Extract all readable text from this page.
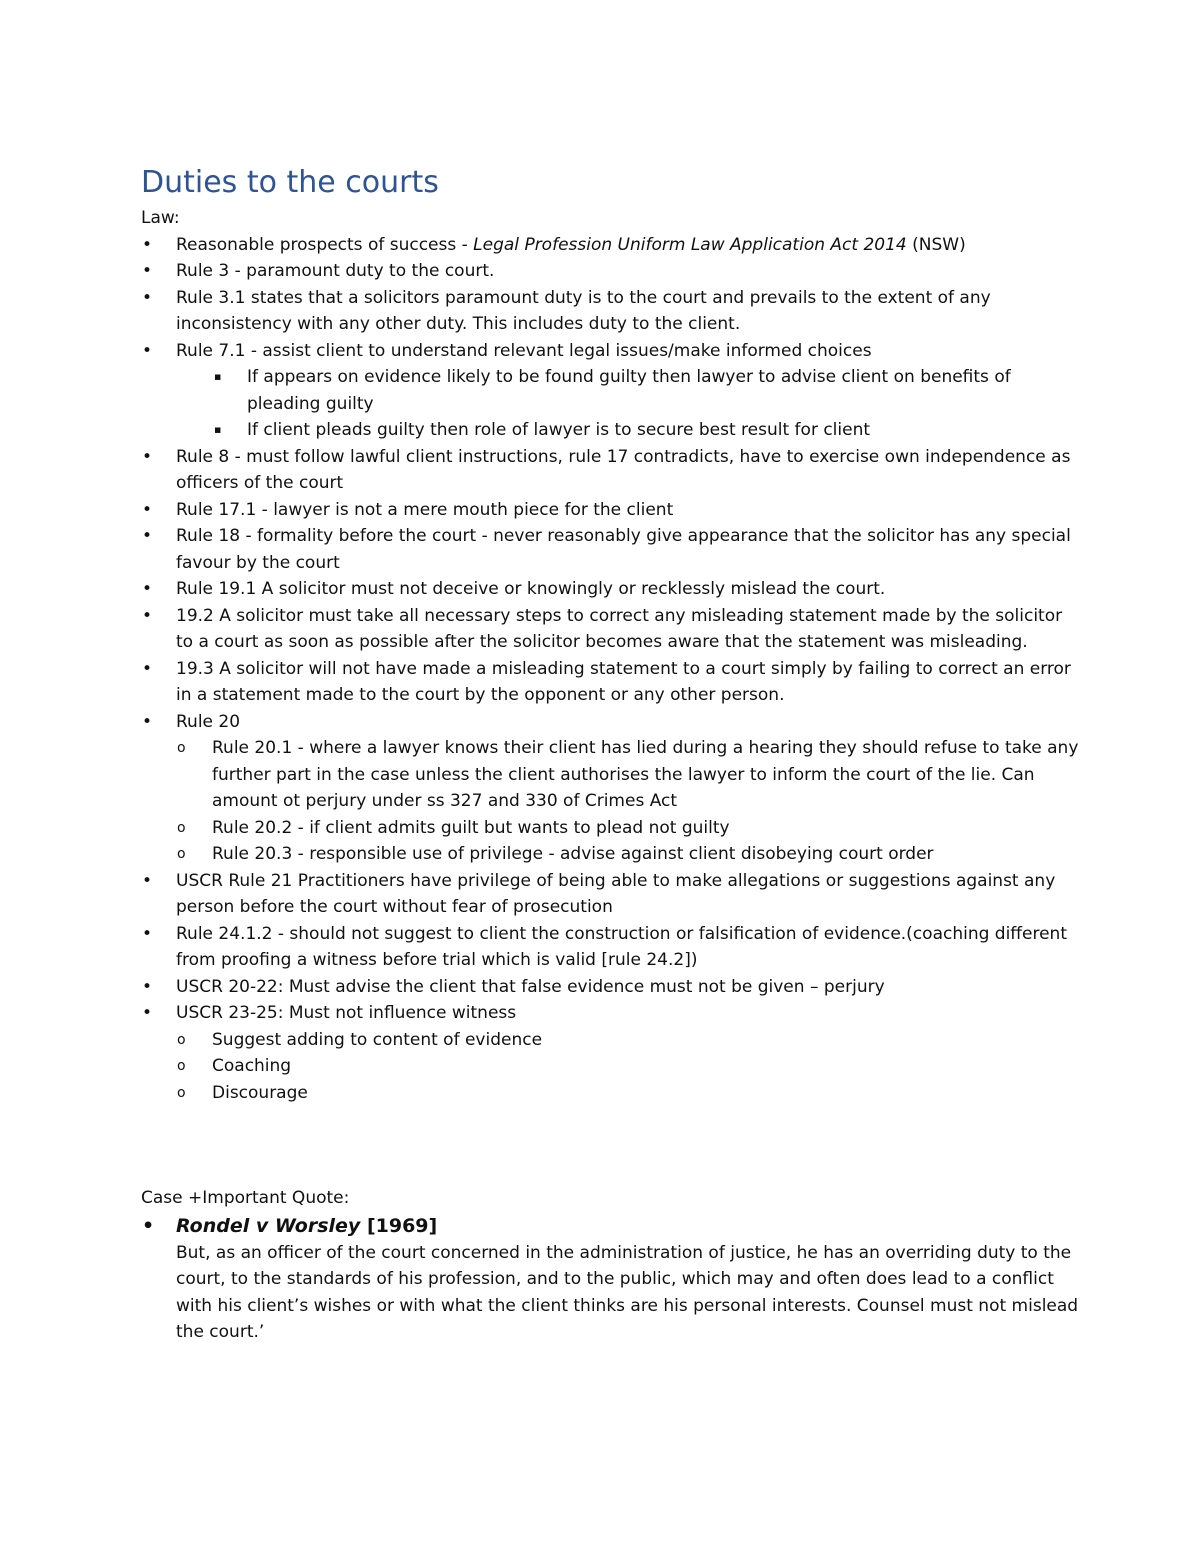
Duties to the courts
Law:
• Reasonable prospects of success - Legal Profession Uniform Law Application Act 2014 (NSW)
• Rule 3 - paramount duty to the court.
• Rule 3.1 states that a solicitors paramount duty is to the court and prevails to the extent of any inconsistency with any other duty. This includes duty to the client.
• Rule 7.1 - assist client to understand relevant legal issues/make informed choices
▪ If appears on evidence likely to be found guilty then lawyer to advise client on benefits of pleading guilty
▪ If client pleads guilty then role of lawyer is to secure best result for client
• Rule 8 - must follow lawful client instructions, rule 17 contradicts, have to exercise own independence as officers of the court
• Rule 17.1 - lawyer is not a mere mouth piece for the client
• Rule 18 - formality before the court - never reasonably give appearance that the solicitor has any special favour by the court
• Rule 19.1 A solicitor must not deceive or knowingly or recklessly mislead the court.
• 19.2 A solicitor must take all necessary steps to correct any misleading statement made by the solicitor to a court as soon as possible after the solicitor becomes aware that the statement was misleading.
• 19.3 A solicitor will not have made a misleading statement to a court simply by failing to correct an error in a statement made to the court by the opponent or any other person.
• Rule 20
o Rule 20.1 - where a lawyer knows their client has lied during a hearing they should refuse to take any further part in the case unless the client authorises the lawyer to inform the court of the lie. Can amount ot perjury under ss 327 and 330 of Crimes Act
o Rule 20.2 - if client admits guilt but wants to plead not guilty
o Rule 20.3 - responsible use of privilege - advise against client disobeying court order
• USCR Rule 21 Practitioners have privilege of being able to make allegations or suggestions against any person before the court without fear of prosecution
• Rule 24.1.2 - should not suggest to client the construction or falsification of evidence.(coaching different from proofing a witness before trial which is valid [rule 24.2])
• USCR 20-22: Must advise the client that false evidence must not be given – perjury
• USCR 23-25: Must not influence witness
o Suggest adding to content of evidence
o Coaching
o Discourage
Case +Important Quote:
• Rondel v Worsley [1969]
But, as an officer of the court concerned in the administration of justice, he has an overriding duty to the court, to the standards of his profession, and to the public, which may and often does lead to a conflict with his client’s wishes or with what the client thinks are his personal interests. Counsel must not mislead the court.’
